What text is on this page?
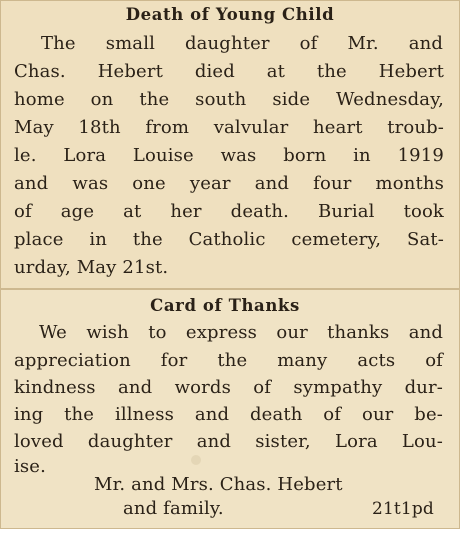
Death of Young Child
The small daughter of Mr. and
Chas. Hebert died at the Hebert
home on the south side Wednesday,
May 18th from valvular heart troub-
le. Lora Louise was born in 1919
and was one year and four months
of age at her death. Burial took
place in the Catholic cemetery, Sat-
urday, May 21st.
Card of Thanks
We wish to express our thanks and
appreciation for the many acts of
kindness and words of sympathy dur-
ing the illness and death of our be-
loved daughter and sister, Lora Lou-
ise.
Mr. and Mrs. Chas. Hebert
and family.	21t1pd
